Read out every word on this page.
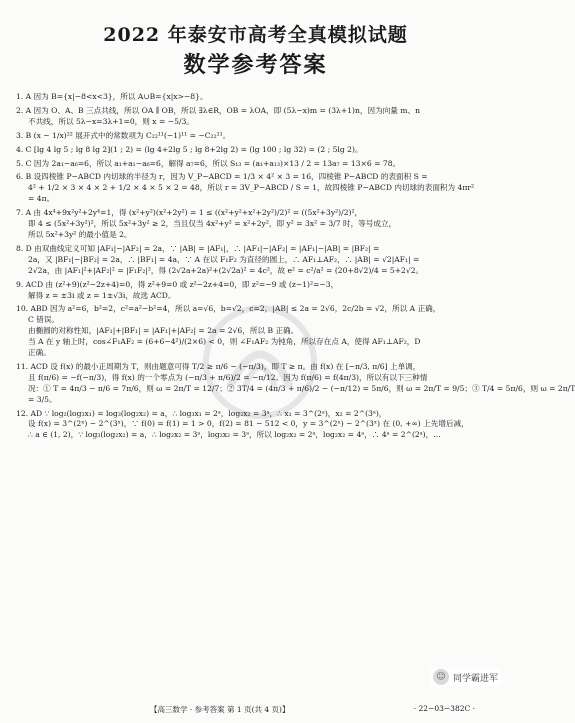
2022 年泰安市高考全真模拟试题
数学参考答案
1. A 因为 B={x|−8<x<3}，所以 A∪B={x|x>−8}。
2. A 因为 O、A、B 三点共线，所以 OA ∥ OB，所以 ∃λ∈R，OB = λOA，即 (5λ−x)m = (3λ+1)n，因为向量 m、n
不共线，所以 5λ−x=3λ+1=0，则 x = −5/3。
3. B (x − 1/x)²² 展开式中的常数项为 C₂₂¹¹(−1)¹¹ = −C₂₂¹¹。
4. C [lg 4 lg 5 ; lg 8 lg 2](1 ; 2) = (lg 4+2lg 5 ; lg 8+2lg 2) = (lg 100 ; lg 32) = (2 ; 5lg 2)。
5. C 因为 2a₁−a₆=6，所以 a₁+a₁−a₆=6，解得 a₇=6，所以 S₁₃ = (a₁+a₁₃)×13 / 2 = 13a₇ = 13×6 = 78。
6. B 设四棱锥 P−ABCD 内切球的半径为 r，因为 V_P−ABCD = 1/3 × 4² × 3 = 16，四棱锥 P−ABCD 的表面积 S =
4² + 1/2 × 3 × 4 × 2 + 1/2 × 4 × 5 × 2 = 48，所以 r = 3V_P−ABCD / S = 1，故四棱锥 P−ABCD 内切球的表面积为 4πr²
= 4π。
7. A 由 4x⁴+9x²y²+2y⁴=1，得 (x²+y²)(x²+2y²) = 1 ≤ ((x²+y²+x²+2y²)/2)² = ((5x²+3y²)/2)²，
即 4 ≤ (5x²+3y²)²，所以 5x²+3y² ≥ 2，当且仅当 4x²+y² = x²+2y²，即 y² = 3x² = 3/7 时，等号成立，
所以 5x²+3y² 的最小值是 2。
8. D 由双曲线定义可知 |AF₁|−|AF₂| = 2a，∵ |AB| = |AF₁|，∴ |AF₁|−|AF₂| = |AF₁|−|AB| = |BF₂| =
2a，又 |BF₁|−|BF₂| = 2a，∴ |BF₁| = 4a，∵ A 在以 F₁F₂ 为直径的圆上，∴ AF₁⊥AF₂，∴ |AB| = √2|AF₁| =
2√2a，由 |AF₁|²+|AF₂|² = |F₁F₂|²，得 (2√2a+2a)²+(2√2a)² = 4c²，故 e² = c²/a² = (20+8√2)/4 = 5+2√2。
9. ACD 由 (z²+9)(z²−2z+4)=0，得 z²+9=0 或 z²−2z+4=0，即 z²=−9 或 (z−1)²=−3，
解得 z = ±3i 或 z = 1±√3i，故选 ACD。
10. ABD 因为 a²=6，b²=2，c²=a²−b²=4，所以 a=√6，b=√2，c=2，|AB| ≤ 2a = 2√6，2c/2b = √2，所以 A 正确，
C 错误。
由椭圆的对称性知，|AF₁|+|BF₁| = |AF₁|+|AF₂| = 2a = 2√6，所以 B 正确。
当 A 在 y 轴上时，cos∠F₁AF₂ = (6+6−4²)/(2×6) < 0，则 ∠F₁AF₂ 为钝角，所以存在点 A，使得 AF₁⊥AF₂，D
正确。
11. ACD 设 f(x) 的最小正周期为 T，则由题意可得 T/2 ≥ π/6 − (−π/3)，即 T ≥ π。由 f(x) 在 [−π/3, π/6] 上单调，
且 f(π/6) = −f(−π/3)，得 f(x) 的一个零点为 (−π/3 + π/6)/2 = −π/12。因为 f(π/6) = f(4π/3)，所以有以下三种情
况：① T = 4π/3 − π/6 = 7π/6，则 ω = 2π/T = 12/7；② 3T/4 = (4π/3 + π/6)/2 − (−π/12) = 5π/6，则 ω = 2π/T = 9/5；③ T/4 = 5π/6，则 ω = 2π/T
= 3/5。
12. AD ∵ log₂(log₃x₁) = log₃(log₂x₂) = a，∴ log₃x₁ = 2ᵃ，log₂x₂ = 3ᵃ，∴ x₁ = 3^(2ᵃ)，x₂ = 2^(3ᵃ)，
设 f(x) = 3^(2ˣ) − 2^(3ˣ)，∵ f(0) = f(1) = 1 > 0，f(2) = 81 − 512 < 0，y = 3^(2ˣ) − 2^(3ˣ) 在 (0, +∞) 上先增后减，
∴ a ∈ (1, 2)，∵ log₃(log₂x₂) = a，∴ log₂x₂ = 3ᵃ，log₂x₂ = 3ᵃ，所以 log₂x₂ = 2ᵃ，log₂x₂ = 4ᵃ，∴ 4ᵃ = 2^(2ᵃ)，…
【高三数学 · 参考答案 第 1 页(共 4 页)】	· 22−03−382C ·
☺ 同学霸进军
